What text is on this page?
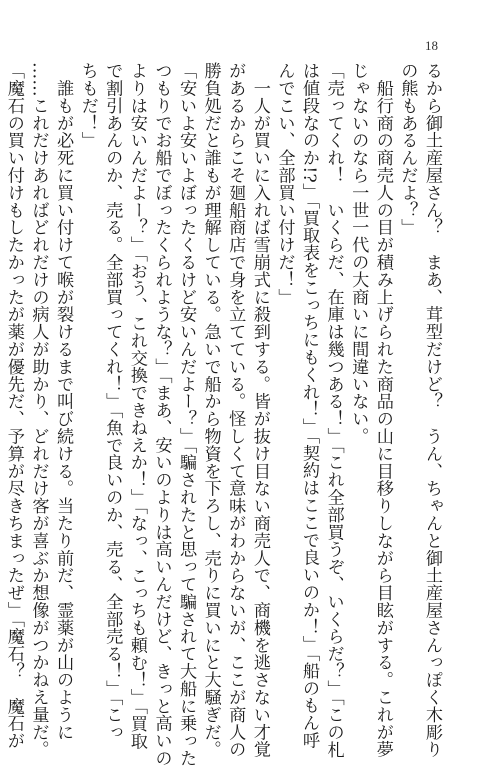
18
るから御土産屋さん？　まあ、茸型だけど？　うん、ちゃんと御土産屋さんっぽく木彫り
の熊もあるんだよ？」
　船行商の商売人の目が積み上げられた商品の山に目移りしながら目眩がする。これが夢
じゃないのなら一世一代の大商いに間違いない。
「売ってくれ！　いくらだ、在庫は幾つある！」「これ全部買うぞ、いくらだ？」「この札
は値段なのか!?」「買取表をこっちにもくれ！」「契約はここで良いのか！」「船のもん呼
んでこい、全部買い付けだ！」
　一人が買いに入れば雪崩式に殺到する。皆が抜け目ない商売人で、商機を逃さない才覚
があるからこそ廻船商店で身を立てている。怪しくて意味がわからないが、ここが商人の
勝負処だと誰もが理解している。急いで船から物資を下ろし、売りに買いにと大騒ぎだ。
「安いよ安いよぼったくるけど安いんだよー？」「騙されたと思って騙されて大船に乗った
つもりでお船でぼったくられような？」「まあ、安いのよりは高いんだけど、きっと高いの
よりは安いんだよー？」「おう、これ交換できねえか！」「なっ、こっちも頼む！」「買取
で割引あんのか、売る。全部買ってくれ！」「魚で良いのか、売る、全部売る！」「こっ
ちもだ！」
　誰もが必死に買い付けて喉が裂けるまで叫び続ける。当たり前だ、霊薬が山のように
……これだけあればどれだけの病人が助かり、どれだけ客が喜ぶか想像がつかねえ量だ。
「魔石の買い付けもしたかったが薬が優先だ、予算が尽きちまったぜ」「魔石？　魔石が
